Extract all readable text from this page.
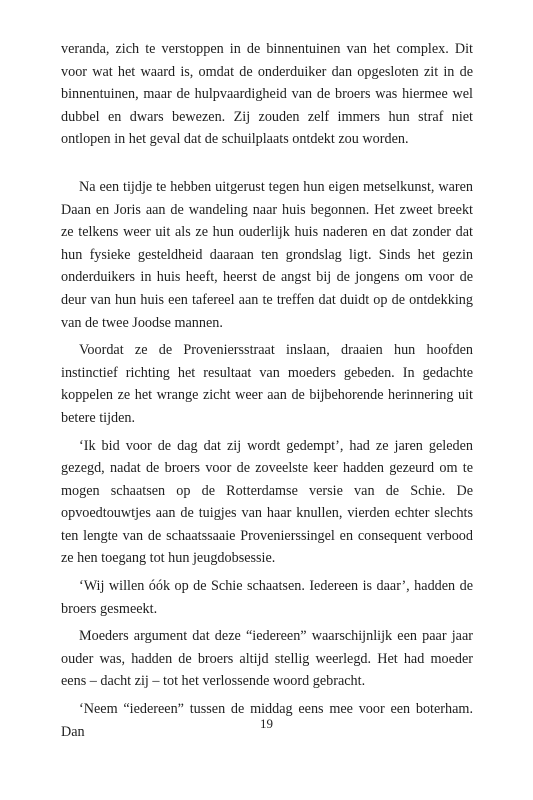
veranda, zich te verstoppen in de binnentuinen van het complex. Dit voor wat het waard is, omdat de onderduiker dan opgesloten zit in de binnentuinen, maar de hulpvaardigheid van de broers was hiermee wel dubbel en dwars bewezen. Zij zouden zelf immers hun straf niet ontlopen in het geval dat de schuilplaats ontdekt zou worden.

Na een tijdje te hebben uitgerust tegen hun eigen metselkunst, waren Daan en Joris aan de wandeling naar huis begonnen. Het zweet breekt ze telkens weer uit als ze hun ouderlijk huis naderen en dat zonder dat hun fysieke gesteldheid daaraan ten grondslag ligt. Sinds het gezin onderduikers in huis heeft, heerst de angst bij de jongens om voor de deur van hun huis een tafereel aan te treffen dat duidt op de ontdekking van de twee Joodse mannen.

Voordat ze de Proveniersstraat inslaan, draaien hun hoofden instinctief richting het resultaat van moeders gebeden. In gedachte koppelen ze het wrange zicht weer aan de bijbehorende herinnering uit betere tijden.

‘Ik bid voor de dag dat zij wordt gedempt’, had ze jaren geleden gezegd, nadat de broers voor de zoveelste keer hadden gezeurd om te mogen schaatsen op de Rotterdamse versie van de Schie. De opvoedtouwtjes aan de tuigjes van haar knullen, vierden echter slechts ten lengte van de schaatssaaie Provenierssingel en consequent verbood ze hen toegang tot hun jeugdobsessie.

‘Wij willen óók op de Schie schaatsen. Iedereen is daar’, hadden de broers gesmeekt.

Moeders argument dat deze “iedereen” waarschijnlijk een paar jaar ouder was, hadden de broers altijd stellig weerlegd. Het had moeder eens – dacht zij – tot het verlossende woord gebracht.

‘Neem “iedereen” tussen de middag eens mee voor een boterham. Dan

19
